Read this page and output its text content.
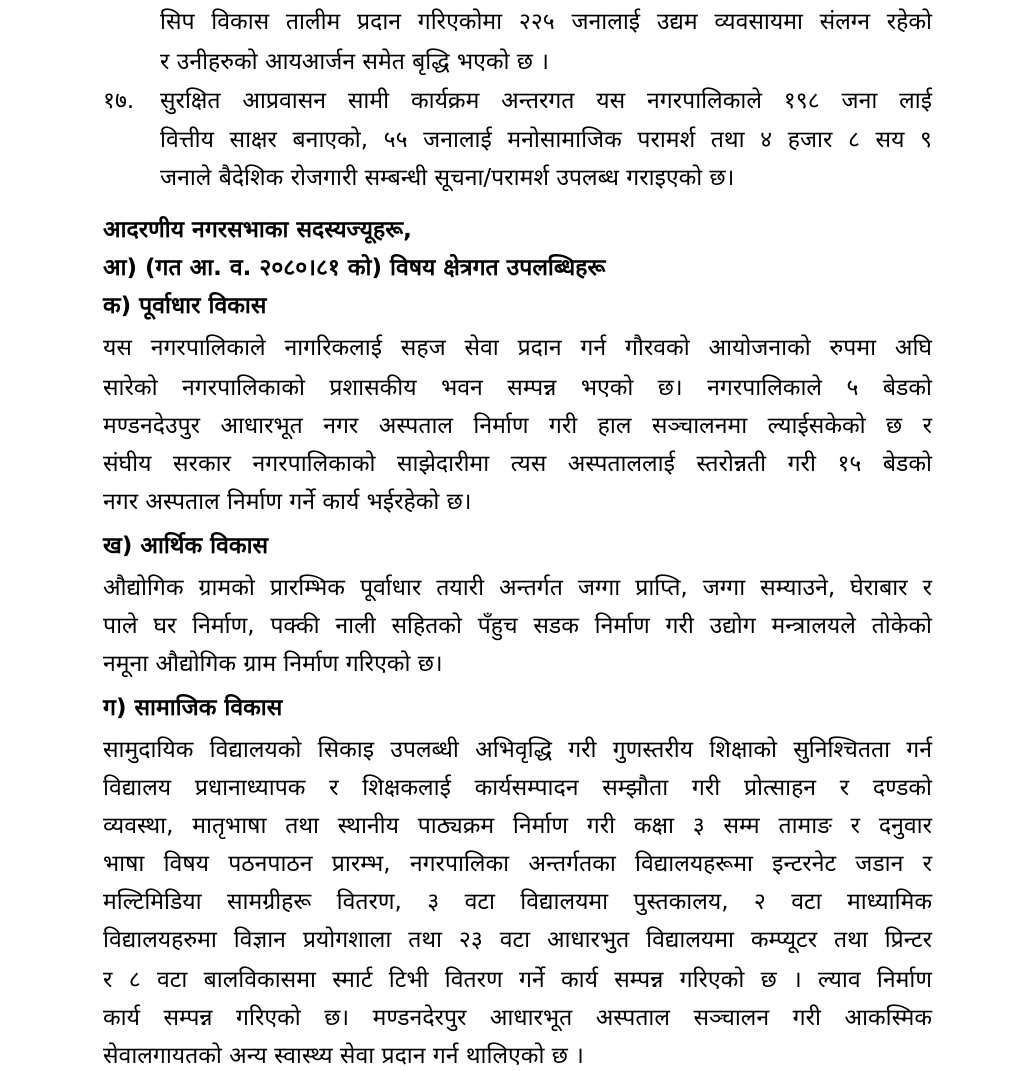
सिप विकास तालीम प्रदान गरिएकोमा २२५ जनालाई उद्यम व्यवसायमा संलग्न रहेको
र उनीहरुको आयआर्जन समेत बृद्धि भएको छ ।
१७. सुरक्षित आप्रवासन सामी कार्यक्रम अन्तरगत यस नगरपालिकाले १९८ जना लाई
वित्तीय साक्षर बनाएको, ५५ जनालाई मनोसामाजिक परामर्श तथा ४ हजार ८ सय ९
जनाले बैदेशिक रोजगारी सम्बन्धी सूचना/परामर्श उपलब्ध गराइएको छ।
आदरणीय नगरसभाका सदस्यज्यूहरू,
आ) (गत आ. व. २०८०।८१ को) विषय क्षेत्रगत उपलब्धिहरू
क) पूर्वाधार विकास
यस नगरपालिकाले नागरिकलाई सहज सेवा प्रदान गर्न गौरवको आयोजनाको रुपमा अघि
सारेको नगरपालिकाको प्रशासकीय भवन सम्पन्न भएको छ। नगरपालिकाले ५ बेडको
मण्डनदेउपुर आधारभूत नगर अस्पताल निर्माण गरी हाल सञ्चालनमा ल्याईसकेको छ र
संघीय सरकार नगरपालिकाको साझेदारीमा त्यस अस्पताललाई स्तरोन्नती गरी १५ बेडको
नगर अस्पताल निर्माण गर्ने कार्य भईरहेको छ।
ख) आर्थिक विकास
औद्योगिक ग्रामको प्रारम्भिक पूर्वाधार तयारी अन्तर्गत जग्गा प्राप्ति, जग्गा सम्याउने, घेराबार र
पाले घर निर्माण, पक्की नाली सहितको पँहुच सडक निर्माण गरी उद्योग मन्त्रालयले तोकेको
नमूना औद्योगिक ग्राम निर्माण गरिएको छ।
ग) सामाजिक विकास
सामुदायिक विद्यालयको सिकाइ उपलब्धी अभिवृद्धि गरी गुणस्तरीय शिक्षाको सुनिश्चितता गर्न
विद्यालय प्रधानाध्यापक र शिक्षकलाई कार्यसम्पादन सम्झौता गरी प्रोत्साहन र दण्डको
व्यवस्था, मातृभाषा तथा स्थानीय पाठ्यक्रम निर्माण गरी कक्षा ३ सम्म तामाङ र दनुवार
भाषा विषय पठनपाठन प्रारम्भ, नगरपालिका अन्तर्गतका विद्यालयहरूमा इन्टरनेट जडान र
मल्टिमिडिया सामग्रीहरू वितरण, ३ वटा विद्यालयमा पुस्तकालय, २ वटा माध्यामिक
विद्यालयहरुमा विज्ञान प्रयोगशाला तथा २३ वटा आधारभुत विद्यालयमा कम्प्यूटर तथा प्रिन्टर
र ८ वटा बालविकासमा स्मार्ट टिभी वितरण गर्ने कार्य सम्पन्न गरिएको छ । ल्याव निर्माण
कार्य सम्पन्न गरिएको छ। मण्डनदेरपुर आधारभूत अस्पताल सञ्चालन गरी आकस्मिक
सेवालगायतको अन्य स्वास्थ्य सेवा प्रदान गर्न थालिएको छ ।
